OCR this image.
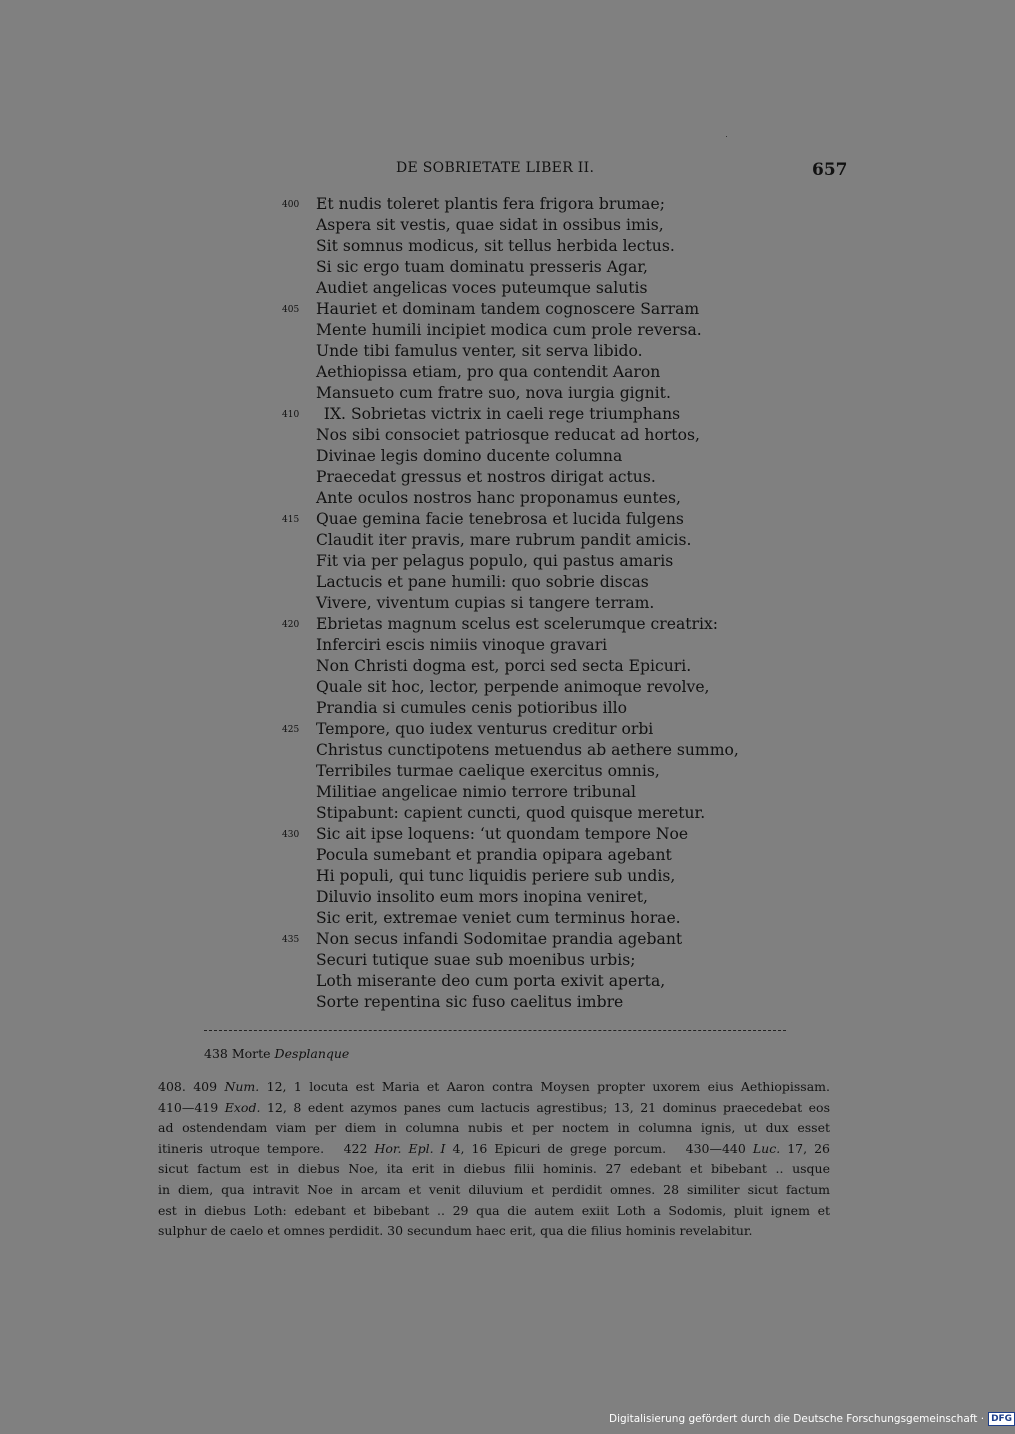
DE SOBRIETATE LIBER II.	657
400 Et nudis toleret plantis fera frigora brumae;
Aspera sit vestis, quae sidat in ossibus imis,
Sit somnus modicus, sit tellus herbida lectus.
Si sic ergo tuam dominatu presseris Agar,
Audiet angelicas voces puteumque salutis
405 Hauriet et dominam tandem cognoscere Sarram
Mente humili incipiet modica cum prole reversa.
Unde tibi famulus venter, sit serva libido.
Aethiopissa etiam, pro qua contendit Aaron
Mansueto cum fratre suo, nova iurgia gignit.
410  IX. Sobrietas victrix in caeli rege triumphans
Nos sibi consociet patriosque reducat ad hortos,
Divinae legis domino ducente columna
Praecedat gressus et nostros dirigat actus.
Ante oculos nostros hanc proponamus euntes,
415 Quae gemina facie tenebrosa et lucida fulgens
Claudit iter pravis, mare rubrum pandit amicis.
Fit via per pelagus populo, qui pastus amaris
Lactucis et pane humili: quo sobrie discas
Vivere, viventum cupias si tangere terram.
420 Ebrietas magnum scelus est scelerumque creatrix:
Inferciri escis nimiis vinoque gravari
Non Christi dogma est, porci sed secta Epicuri.
Quale sit hoc, lector, perpende animoque revolve,
Prandia si cumules cenis potioribus illo
425 Tempore, quo iudex venturus creditur orbi
Christus cunctipotens metuendus ab aethere summo,
Terribiles turmae caelique exercitus omnis,
Militiae angelicae nimio terrore tribunal
Stipabunt: capient cuncti, quod quisque meretur.
430 Sic ait ipse loquens: ‘ut quondam tempore Noe
Pocula sumebant et prandia opipara agebant
Hi populi, qui tunc liquidis periere sub undis,
Diluvio insolito eum mors inopina veniret,
Sic erit, extremae veniet cum terminus horae.
435 Non secus infandi Sodomitae prandia agebant
Securi tutique suae sub moenibus urbis;
Loth miserante deo cum porta exivit aperta,
Sorte repentina sic fuso caelitus imbre
438 Morte Desplanque
408. 409 Num. 12, 1 locuta est Maria et Aaron contra Moysen propter uxorem eius Aethiopissam.
410—419 Exod. 12, 8 edent azymos panes cum lactucis agrestibus; 13, 21 dominus praecedebat eos
ad ostendendam viam per diem in columna nubis et per noctem in columna ignis, ut dux esset
itineris utroque tempore.  422 Hor. Epl. I 4, 16 Epicuri de grege porcum.  430—440 Luc. 17, 26
sicut factum est in diebus Noe, ita erit in diebus filii hominis. 27 edebant et bibebant .. usque
in diem, qua intravit Noe in arcam et venit diluvium et perdidit omnes. 28 similiter sicut factum
est in diebus Loth: edebant et bibebant .. 29 qua die autem exiit Loth a Sodomis, pluit ignem et
sulphur de caelo et omnes perdidit. 30 secundum haec erit, qua die filius hominis revelabitur.
Digitalisierung gefördert durch die Deutsche Forschungsgemeinschaft · DFG
